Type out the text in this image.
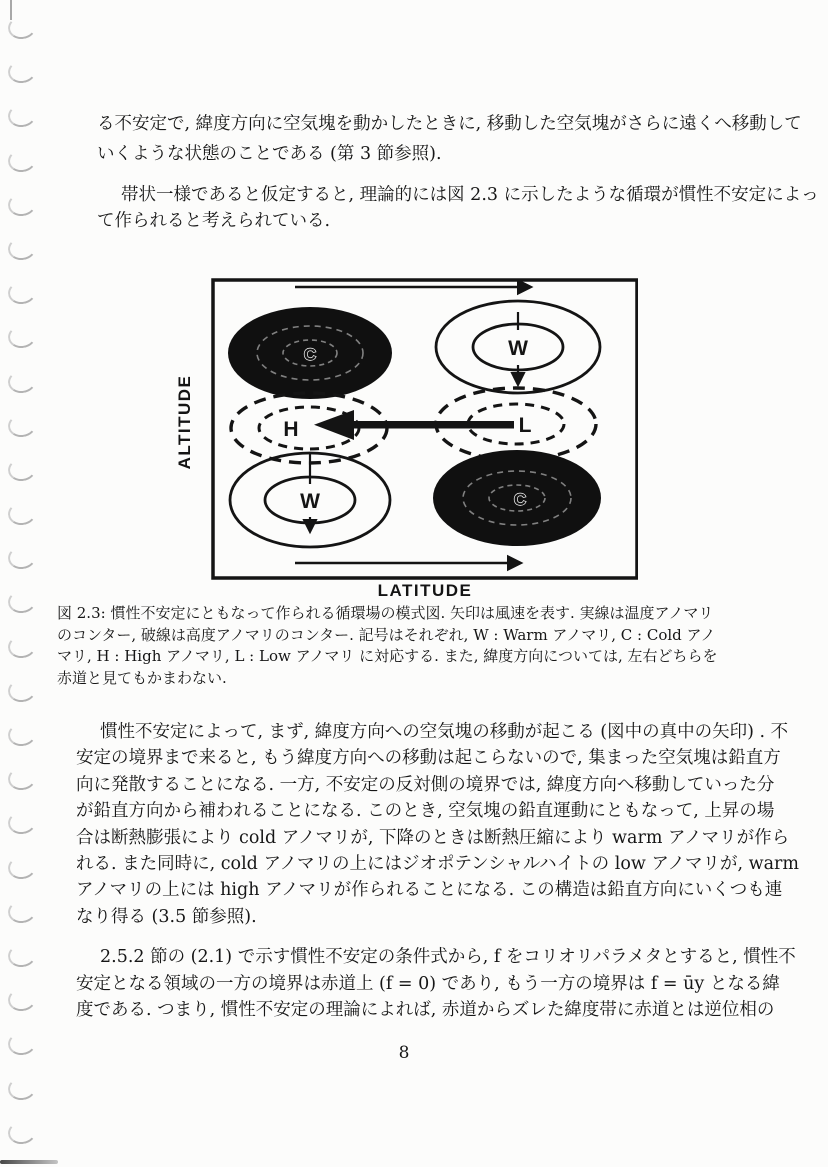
る不安定で, 緯度方向に空気塊を動かしたときに, 移動した空気塊がさらに遠くへ移動して
いくような状態のことである (第 3 節参照).
帯状一様であると仮定すると, 理論的には図 2.3 に示したような循環が慣性不安定によっ
て作られると考えられている.
ALTITUDE
LATITUDE
C	W
H	L
W	C
図 2.3: 慣性不安定にともなって作られる循環場の模式図. 矢印は風速を表す. 実線は温度アノマリ
のコンター, 破線は高度アノマリのコンター. 記号はそれぞれ, W : Warm アノマリ, C : Cold アノ
マリ, H : High アノマリ, L : Low アノマリ に対応する. また, 緯度方向については, 左右どちらを
赤道と見てもかまわない.
慣性不安定によって, まず, 緯度方向への空気塊の移動が起こる (図中の真中の矢印) . 不
安定の境界まで来ると, もう緯度方向への移動は起こらないので, 集まった空気塊は鉛直方
向に発散することになる. 一方, 不安定の反対側の境界では, 緯度方向へ移動していった分
が鉛直方向から補われることになる. このとき, 空気塊の鉛直運動にともなって, 上昇の場
合は断熱膨張により cold アノマリが, 下降のときは断熱圧縮により warm アノマリが作ら
れる. また同時に, cold アノマリの上にはジオポテンシャルハイトの low アノマリが, warm
アノマリの上には high アノマリが作られることになる. この構造は鉛直方向にいくつも連
なり得る (3.5 節参照).
2.5.2 節の (2.1) で示す慣性不安定の条件式から, f をコリオリパラメタとすると, 慣性不
安定となる領域の一方の境界は赤道上 (f = 0) であり, もう一方の境界は f = ūy となる緯
度である. つまり, 慣性不安定の理論によれば, 赤道からズレた緯度帯に赤道とは逆位相の
8
